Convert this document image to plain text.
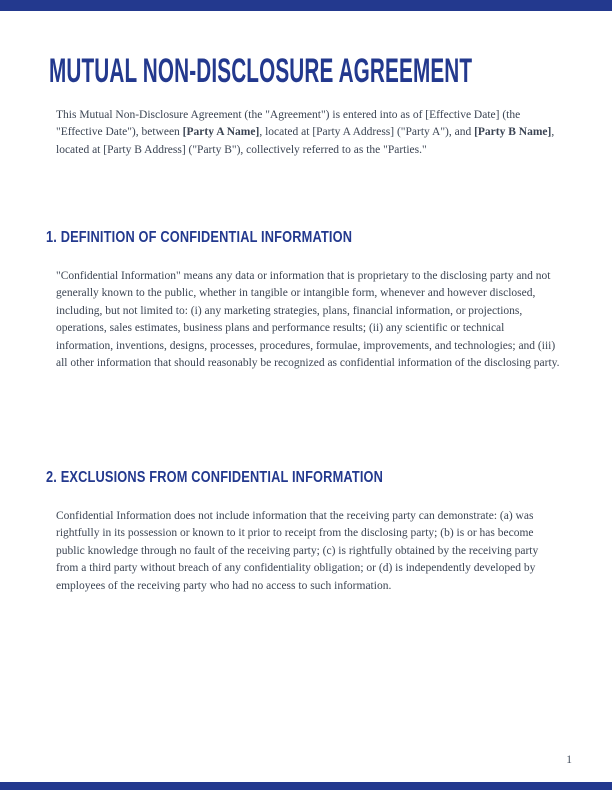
MUTUAL NON-DISCLOSURE AGREEMENT

This Mutual Non-Disclosure Agreement (the "Agreement") is entered into as of [Effective Date] (the "Effective Date"), between [Party A Name], located at [Party A Address] ("Party A"), and [Party B Name], located at [Party B Address] ("Party B"), collectively referred to as the "Parties."

1. DEFINITION OF CONFIDENTIAL INFORMATION

"Confidential Information" means any data or information that is proprietary to the disclosing party and not generally known to the public, whether in tangible or intangible form, whenever and however disclosed, including, but not limited to: (i) any marketing strategies, plans, financial information, or projections, operations, sales estimates, business plans and performance results; (ii) any scientific or technical information, inventions, designs, processes, procedures, formulae, improvements, and technologies; and (iii) all other information that should reasonably be recognized as confidential information of the disclosing party.

2. EXCLUSIONS FROM CONFIDENTIAL INFORMATION

Confidential Information does not include information that the receiving party can demonstrate: (a) was rightfully in its possession or known to it prior to receipt from the disclosing party; (b) is or has become public knowledge through no fault of the receiving party; (c) is rightfully obtained by the receiving party from a third party without breach of any confidentiality obligation; or (d) is independently developed by employees of the receiving party who had no access to such information.

1
